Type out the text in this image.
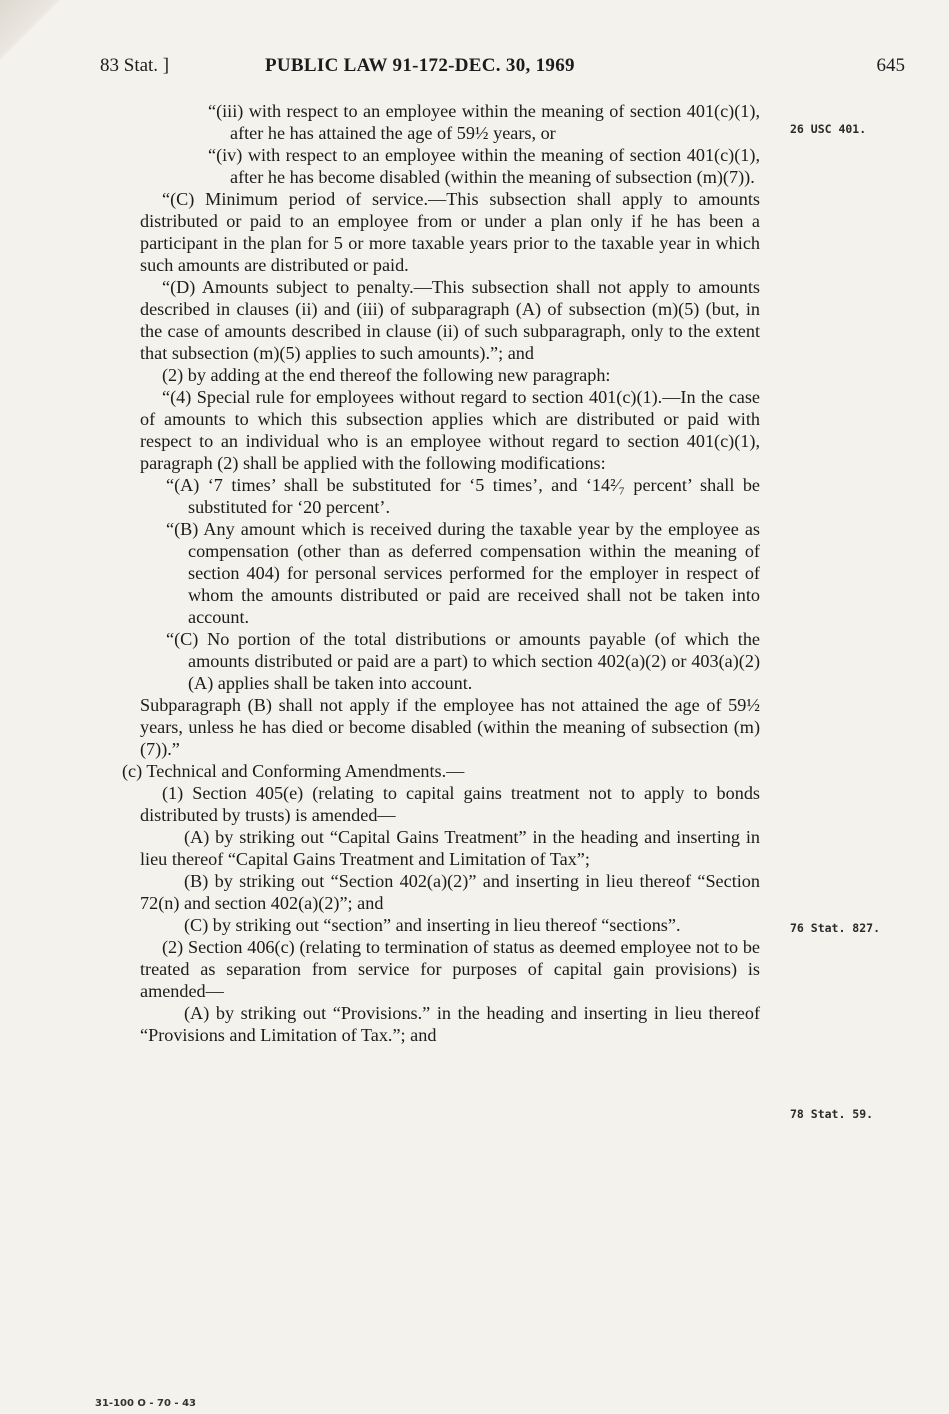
83 Stat. ]	PUBLIC LAW 91-172-DEC. 30, 1969	645
26 USC 401.
76 Stat. 827.
78 Stat. 59.

“(iii) with respect to an employee within the meaning of section 401(c)(1), after he has attained the age of 59½ years, or

“(iv) with respect to an employee within the meaning of section 401(c)(1), after he has become disabled (within the meaning of subsection (m)(7)).

“(C) Minimum period of service.—This subsection shall apply to amounts distributed or paid to an employee from or under a plan only if he has been a participant in the plan for 5 or more taxable years prior to the taxable year in which such amounts are distributed or paid.

“(D) Amounts subject to penalty.—This subsection shall not apply to amounts described in clauses (ii) and (iii) of subparagraph (A) of subsection (m)(5) (but, in the case of amounts described in clause (ii) of such subparagraph, only to the extent that subsection (m)(5) applies to such amounts).”; and

(2) by adding at the end thereof the following new paragraph:

“(4) Special rule for employees without regard to section 401(c)(1).—In the case of amounts to which this subsection applies which are distributed or paid with respect to an individual who is an employee without regard to section 401(c)(1), paragraph (2) shall be applied with the following modifications:

“(A) ‘7 times’ shall be substituted for ‘5 times’, and ‘14²⁄₇ percent’ shall be substituted for ‘20 percent’.

“(B) Any amount which is received during the taxable year by the employee as compensation (other than as deferred compensation within the meaning of section 404) for personal services performed for the employer in respect of whom the amounts distributed or paid are received shall not be taken into account.

“(C) No portion of the total distributions or amounts payable (of which the amounts distributed or paid are a part) to which section 402(a)(2) or 403(a)(2)(A) applies shall be taken into account.

Subparagraph (B) shall not apply if the employee has not attained the age of 59½ years, unless he has died or become disabled (within the meaning of subsection (m)(7)).”

(c) Technical and Conforming Amendments.—

(1) Section 405(e) (relating to capital gains treatment not to apply to bonds distributed by trusts) is amended—

(A) by striking out “Capital Gains Treatment” in the heading and inserting in lieu thereof “Capital Gains Treatment and Limitation of Tax”;

(B) by striking out “Section 402(a)(2)” and inserting in lieu thereof “Section 72(n) and section 402(a)(2)”; and

(C) by striking out “section” and inserting in lieu thereof “sections”.

(2) Section 406(c) (relating to termination of status as deemed employee not to be treated as separation from service for purposes of capital gain provisions) is amended—

(A) by striking out “Provisions.” in the heading and inserting in lieu thereof “Provisions and Limitation of Tax.”; and

31-100 O - 70 - 43
